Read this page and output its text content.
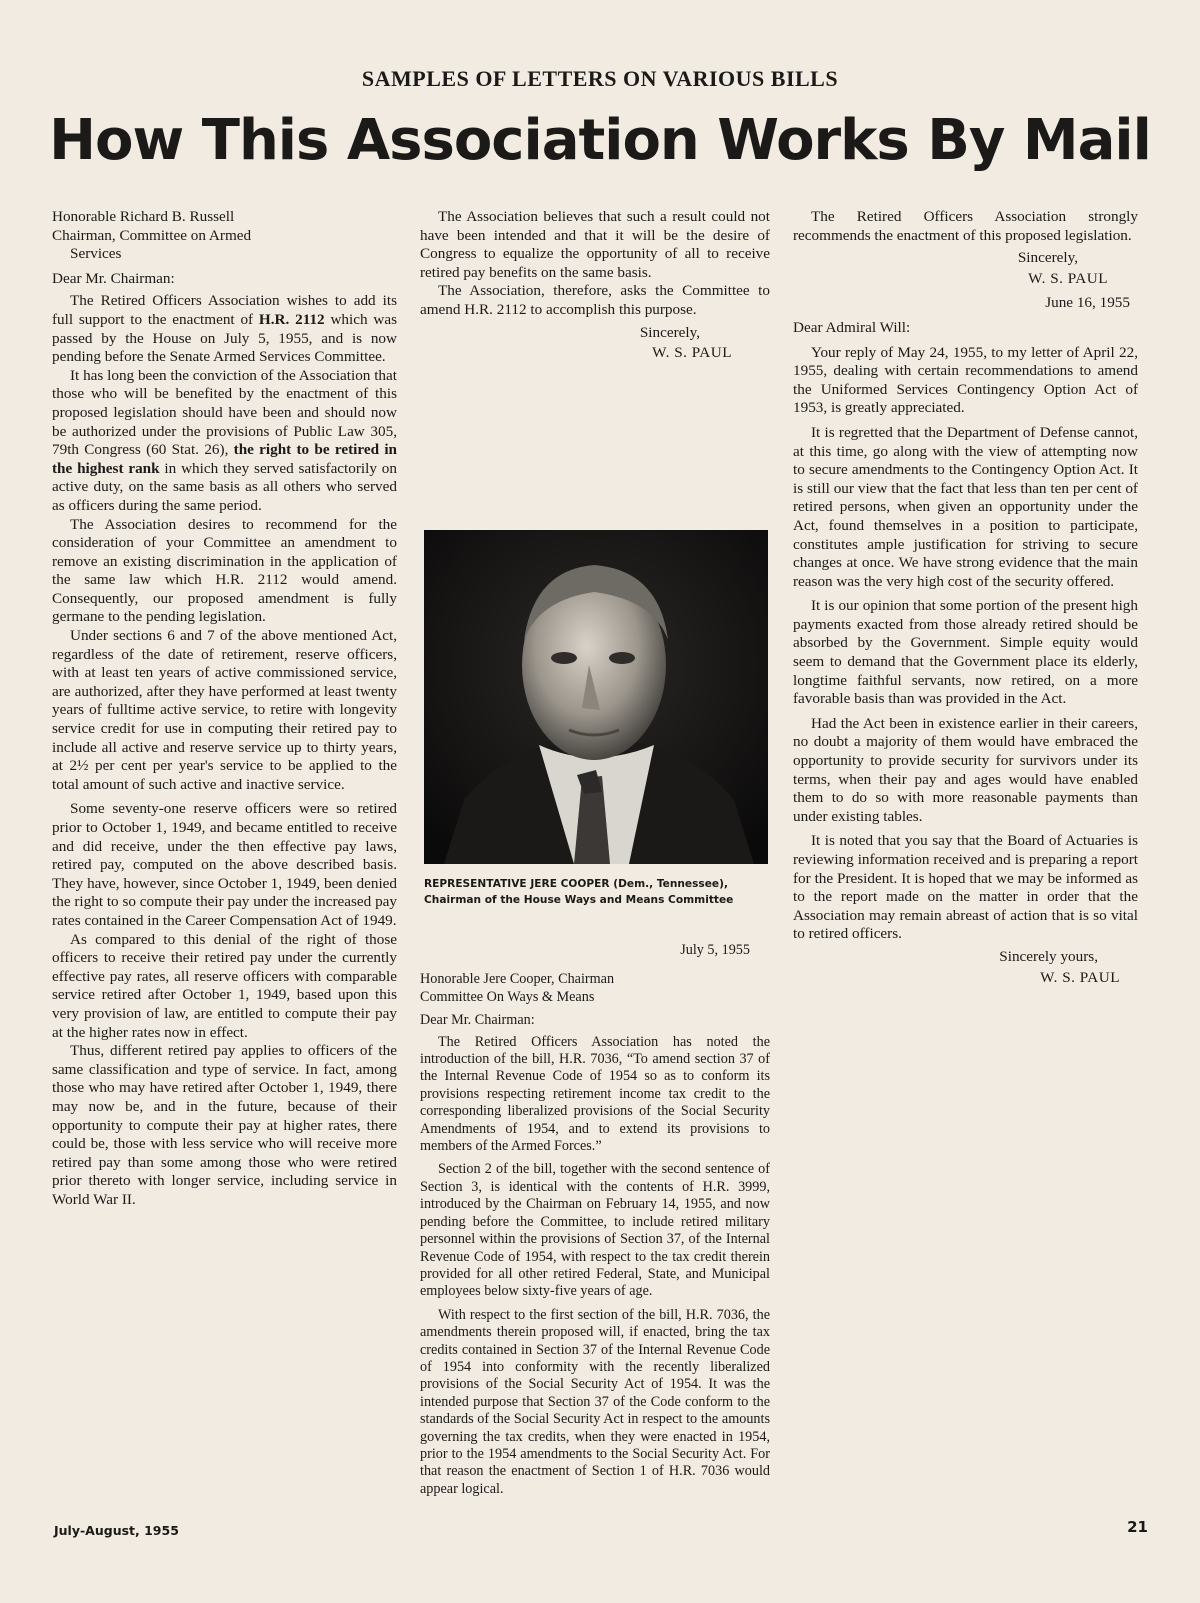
SAMPLES OF LETTERS ON VARIOUS BILLS
How This Association Works By Mail

Honorable Richard B. Russell
Chairman, Committee on Armed
Services

Dear Mr. Chairman:

The Retired Officers Association wishes to add its full support to the enactment of H.R. 2112 which was passed by the House on July 5, 1955, and is now pending before the Senate Armed Services Committee.

It has long been the conviction of the Association that those who will be benefited by the enactment of this proposed legislation should have been and should now be authorized under the provisions of Public Law 305, 79th Congress (60 Stat. 26), the right to be retired in the highest rank in which they served satisfactorily on active duty, on the same basis as all others who served as officers during the same period.

The Association desires to recommend for the consideration of your Committee an amendment to remove an existing discrimination in the application of the same law which H.R. 2112 would amend. Consequently, our proposed amendment is fully germane to the pending legislation.

Under sections 6 and 7 of the above mentioned Act, regardless of the date of retirement, reserve officers, with at least ten years of active commissioned service, are authorized, after they have performed at least twenty years of fulltime active service, to retire with longevity service credit for use in computing their retired pay to include all active and reserve service up to thirty years, at 2½ per cent per year's service to be applied to the total amount of such active and inactive service.

Some seventy-one reserve officers were so retired prior to October 1, 1949, and became entitled to receive and did receive, under the then effective pay laws, retired pay, computed on the above described basis. They have, however, since October 1, 1949, been denied the right to so compute their pay under the increased pay rates contained in the Career Compensation Act of 1949.

As compared to this denial of the right of those officers to receive their retired pay under the currently effective pay rates, all reserve officers with comparable service retired after October 1, 1949, based upon this very provision of law, are entitled to compute their pay at the higher rates now in effect.

Thus, different retired pay applies to officers of the same classification and type of service. In fact, among those who may have retired after October 1, 1949, there may now be, and in the future, because of their opportunity to compute their pay at higher rates, there could be, those with less service who will receive more retired pay than some among those who were retired prior thereto with longer service, including service in World War II.

The Association believes that such a result could not have been intended and that it will be the desire of Congress to equalize the opportunity of all to receive retired pay benefits on the same basis.

The Association, therefore, asks the Committee to amend H.R. 2112 to accomplish this purpose.

Sincerely,

W. S. PAUL

REPRESENTATIVE JERE COOPER (Dem., Tennessee),
Chairman of the House Ways and Means Committee

July 5, 1955

Honorable Jere Cooper, Chairman
Committee On Ways & Means

Dear Mr. Chairman:

The Retired Officers Association has noted the introduction of the bill, H.R. 7036, “To amend section 37 of the Internal Revenue Code of 1954 so as to conform its provisions respecting retirement income tax credit to the corresponding liberalized provisions of the Social Security Amendments of 1954, and to extend its provisions to members of the Armed Forces.”

Section 2 of the bill, together with the second sentence of Section 3, is identical with the contents of H.R. 3999, introduced by the Chairman on February 14, 1955, and now pending before the Committee, to include retired military personnel within the provisions of Section 37, of the Internal Revenue Code of 1954, with respect to the tax credit therein provided for all other retired Federal, State, and Municipal employees below sixty-five years of age.

With respect to the first section of the bill, H.R. 7036, the amendments therein proposed will, if enacted, bring the tax credits contained in Section 37 of the Internal Revenue Code of 1954 into conformity with the recently liberalized provisions of the Social Security Act of 1954. It was the intended purpose that Section 37 of the Code conform to the standards of the Social Security Act in respect to the amounts governing the tax credits, when they were enacted in 1954, prior to the 1954 amendments to the Social Security Act. For that reason the enactment of Section 1 of H.R. 7036 would appear logical.

The Retired Officers Association strongly recommends the enactment of this proposed legislation.

Sincerely,

W. S. PAUL

June 16, 1955

Dear Admiral Will:

Your reply of May 24, 1955, to my letter of April 22, 1955, dealing with certain recommendations to amend the Uniformed Services Contingency Option Act of 1953, is greatly appreciated.

It is regretted that the Department of Defense cannot, at this time, go along with the view of attempting now to secure amendments to the Contingency Option Act. It is still our view that the fact that less than ten per cent of retired persons, when given an opportunity under the Act, found themselves in a position to participate, constitutes ample justification for striving to secure changes at once. We have strong evidence that the main reason was the very high cost of the security offered.

It is our opinion that some portion of the present high payments exacted from those already retired should be absorbed by the Government. Simple equity would seem to demand that the Government place its elderly, longtime faithful servants, now retired, on a more favorable basis than was provided in the Act.

Had the Act been in existence earlier in their careers, no doubt a majority of them would have embraced the opportunity to provide security for survivors under its terms, when their pay and ages would have enabled them to do so with more reasonable payments than under existing tables.

It is noted that you say that the Board of Actuaries is reviewing information received and is preparing a report for the President. It is hoped that we may be informed as to the report made on the matter in order that the Association may remain abreast of action that is so vital to retired officers.

Sincerely yours,

W. S. PAUL

July-August, 1955	21
